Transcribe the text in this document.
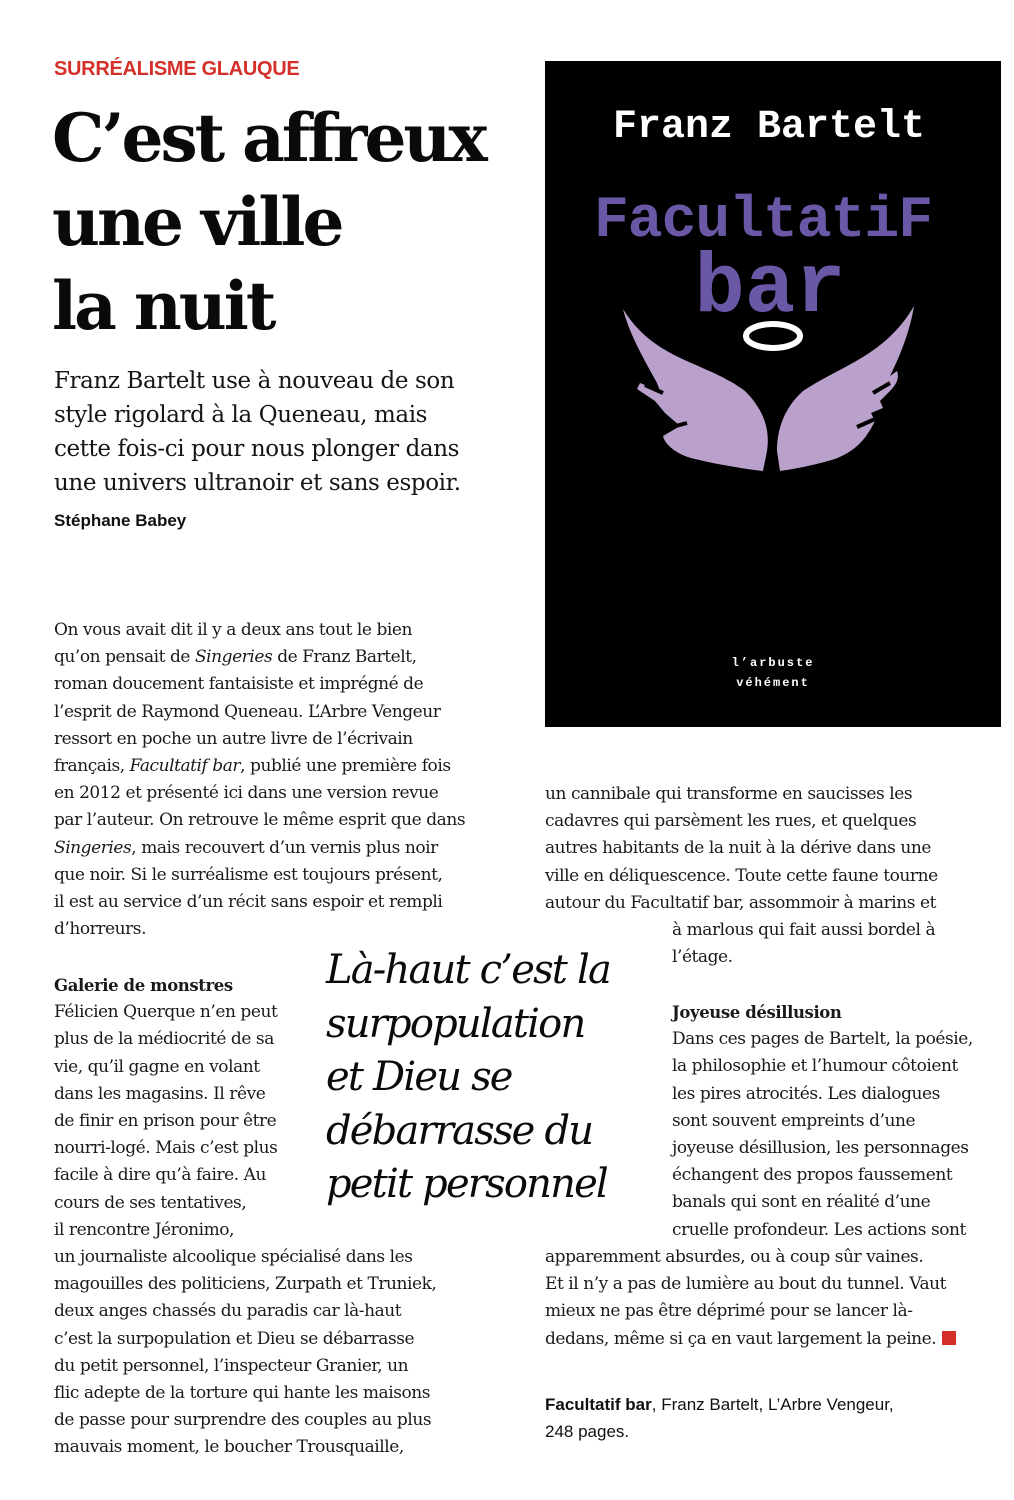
SURRÉALISME GLAUQUE
C’est affreux
une ville
la nuit
Franz Bartelt use à nouveau de son
style rigolard à la Queneau, mais
cette fois-ci pour nous plonger dans
une univers ultranoir et sans espoir.
Stéphane Babey
Franz Bartelt
FacultatiF
bar
l’arbuste
véhément
On vous avait dit il y a deux ans tout le bien
qu’on pensait de Singeries de Franz Bartelt,
roman doucement fantaisiste et imprégné de
l’esprit de Raymond Queneau. L’Arbre Vengeur
ressort en poche un autre livre de l’écrivain
français, Facultatif bar, publié une première fois
en 2012 et présenté ici dans une version revue
par l’auteur. On retrouve le même esprit que dans
Singeries, mais recouvert d’un vernis plus noir
que noir. Si le surréalisme est toujours présent,
il est au service d’un récit sans espoir et rempli
d’horreurs.
Galerie de monstres
Félicien Querque n’en peut
plus de la médiocrité de sa
vie, qu’il gagne en volant
dans les magasins. Il rêve
de finir en prison pour être
nourri-logé. Mais c’est plus
facile à dire qu’à faire. Au
cours de ses tentatives,
il rencontre Jéronimo,
un journaliste alcoolique spécialisé dans les
magouilles des politiciens, Zurpath et Truniek,
deux anges chassés du paradis car là-haut
c’est la surpopulation et Dieu se débarrasse
du petit personnel, l’inspecteur Granier, un
flic adepte de la torture qui hante les maisons
de passe pour surprendre des couples au plus
mauvais moment, le boucher Trousquaille,
Là-haut c’est la
surpopulation
et Dieu se
débarrasse du
petit personnel
un cannibale qui transforme en saucisses les
cadavres qui parsèment les rues, et quelques
autres habitants de la nuit à la dérive dans une
ville en déliquescence. Toute cette faune tourne
autour du Facultatif bar, assommoir à marins et
à marlous qui fait aussi bordel à
l’étage.
Joyeuse désillusion
Dans ces pages de Bartelt, la poésie,
la philosophie et l’humour côtoient
les pires atrocités. Les dialogues
sont souvent empreints d’une
joyeuse désillusion, les personnages
échangent des propos faussement
banals qui sont en réalité d’une
cruelle profondeur. Les actions sont
apparemment absurdes, ou à coup sûr vaines.
Et il n’y a pas de lumière au bout du tunnel. Vaut
mieux ne pas être déprimé pour se lancer là-
dedans, même si ça en vaut largement la peine.
Facultatif bar, Franz Bartelt, L’Arbre Vengeur,
248 pages.
